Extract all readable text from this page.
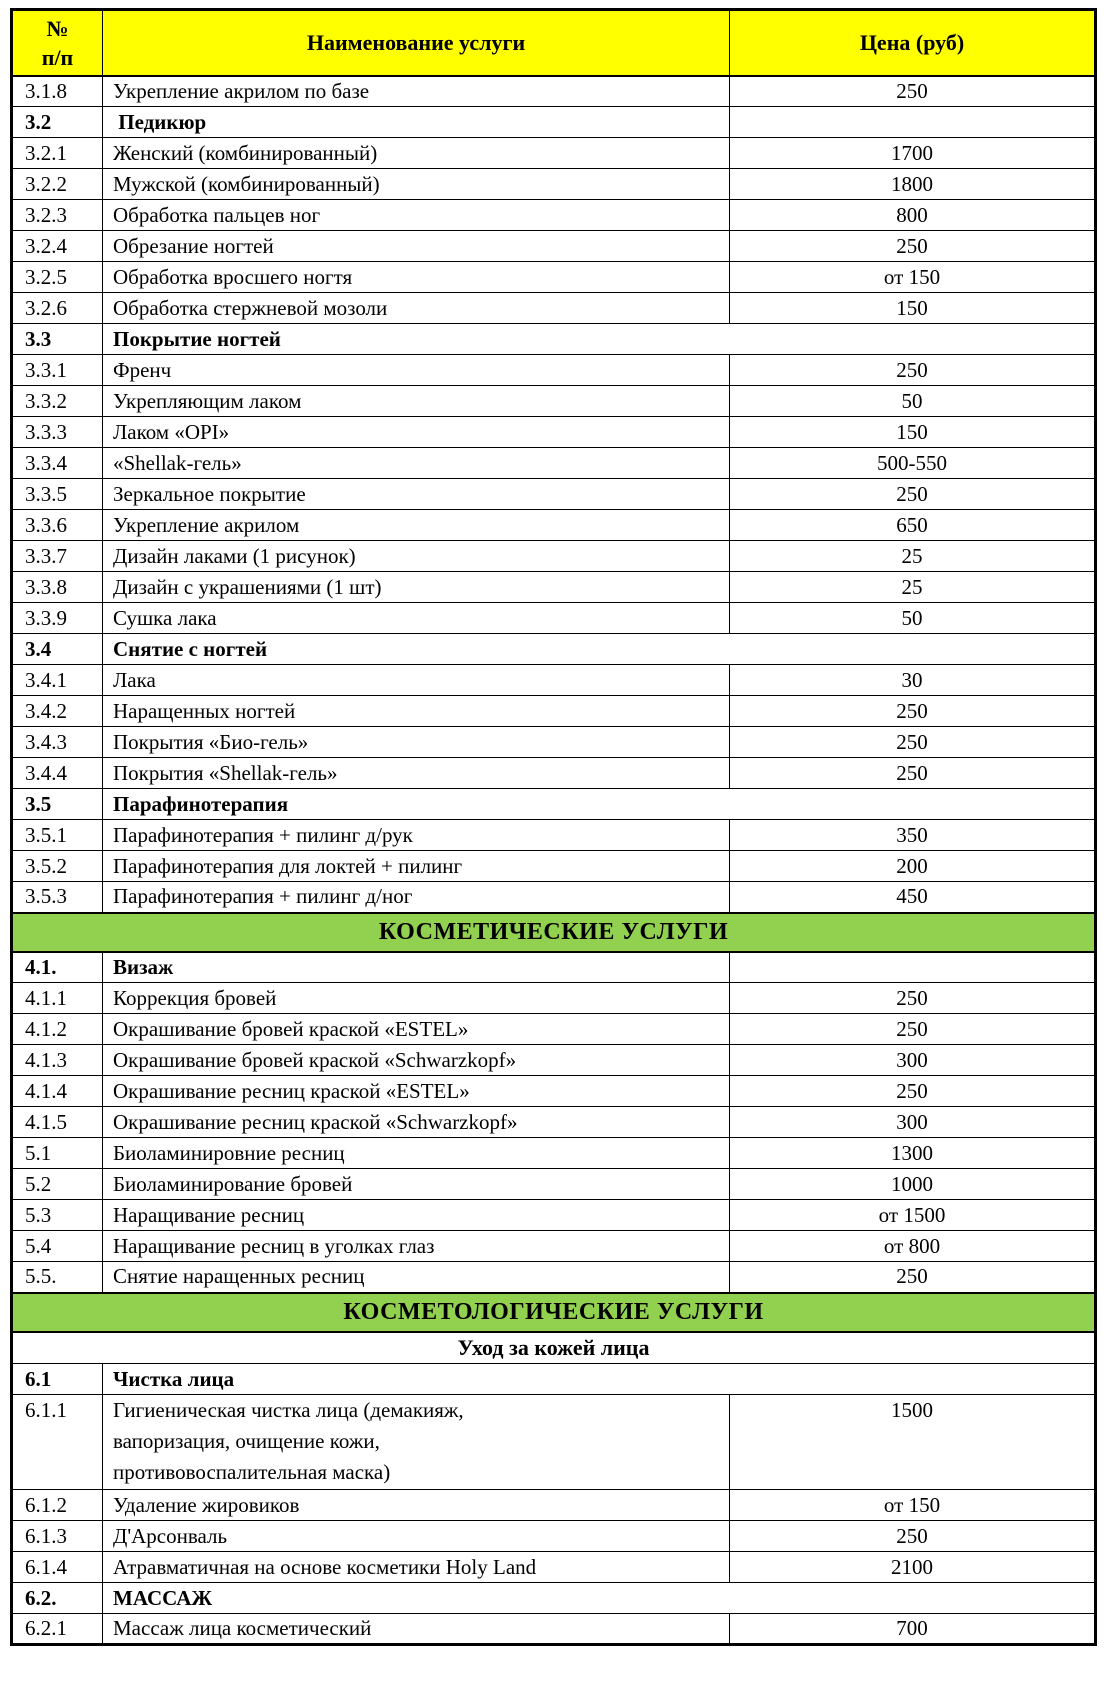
№
п/п	Наименование услуги	Цена (руб)
3.1.8	Укрепление акрилом по базе	250
3.2	Педикюр	
3.2.1	Женский (комбинированный)	1700
3.2.2	Мужской (комбинированный)	1800
3.2.3	Обработка пальцев ног	800
3.2.4	Обрезание ногтей	250
3.2.5	Обработка вросшего ногтя	от 150
3.2.6	Обработка стержневой мозоли	150
3.3	Покрытие ногтей	
3.3.1	Френч	250
3.3.2	Укрепляющим лаком	50
3.3.3	Лаком «OPI»	150
3.3.4	«Shellak-гель»	500-550
3.3.5	Зеркальное покрытие	250
3.3.6	Укрепление акрилом	650
3.3.7	Дизайн лаками (1 рисунок)	25
3.3.8	Дизайн с украшениями (1 шт)	25
3.3.9	Сушка лака	50
3.4	Снятие с ногтей	
3.4.1	Лака	30
3.4.2	Наращенных ногтей	250
3.4.3	Покрытия «Био-гель»	250
3.4.4	Покрытия «Shellak-гель»	250
3.5	Парафинотерапия	
3.5.1	Парафинотерапия + пилинг д/рук	350
3.5.2	Парафинотерапия для локтей + пилинг	200
3.5.3	Парафинотерапия + пилинг д/ног	450
КОСМЕТИЧЕСКИЕ УСЛУГИ		
4.1.	Визаж	
4.1.1	Коррекция бровей	250
4.1.2	Окрашивание бровей краской «ESTEL»	250
4.1.3	Окрашивание бровей краской «Schwarzkopf»	300
4.1.4	Окрашивание ресниц краской «ESTEL»	250
4.1.5	Окрашивание ресниц краской «Schwarzkopf»	300
5.1	Биоламинировние ресниц	1300
5.2	Биоламинирование бровей	1000
5.3	Наращивание ресниц	от 1500
5.4	Наращивание ресниц в уголках глаз	от 800
5.5.	Снятие наращенных ресниц	250
КОСМЕТОЛОГИЧЕСКИЕ УСЛУГИ		
Уход за кожей лица		
6.1	Чистка лица	
6.1.1	Гигиеническая чистка лица (демакияж,
вапоризация, очищение кожи,
противовоспалительная маска)	1500
6.1.2	Удаление жировиков	от 150
6.1.3	Д'Арсонваль	250
6.1.4	Атравматичная на основе косметики Holy Land	2100
6.2.	МАССАЖ	
6.2.1	Массаж лица косметический	700
